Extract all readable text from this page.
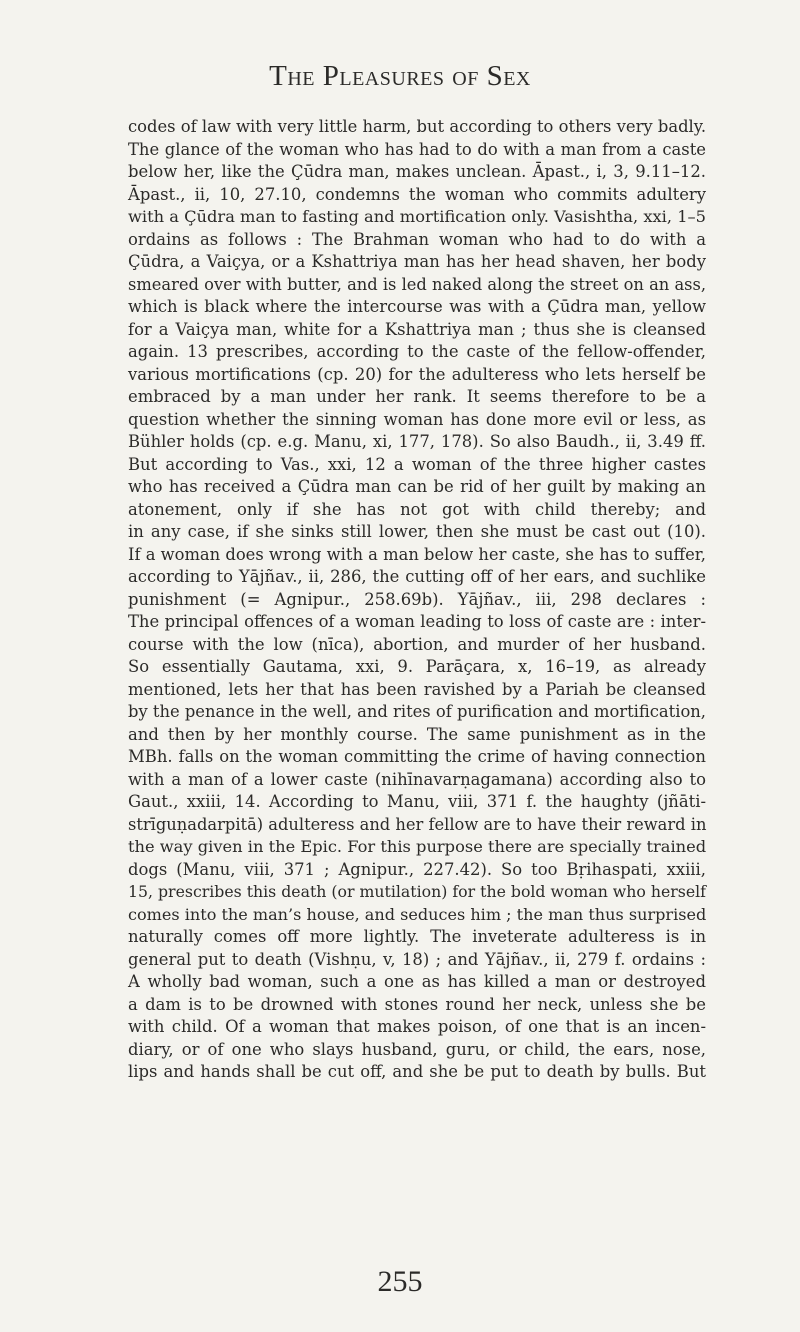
The Pleasures of Sex
codes of law with very little harm, but according to others very badly.
The glance of the woman who has had to do with a man from a caste
below her, like the Çūdra man, makes unclean. Āpast., i, 3, 9.11–12.
Āpast., ii, 10, 27.10, condemns the woman who commits adultery
with a Çūdra man to fasting and mortification only. Vasishtha, xxi, 1–5
ordains as follows : The Brahman woman who had to do with a
Çūdra, a Vaiçya, or a Kshattriya man has her head shaven, her body
smeared over with butter, and is led naked along the street on an ass,
which is black where the intercourse was with a Çūdra man, yellow
for a Vaiçya man, white for a Kshattriya man ; thus she is cleansed
again. 13 prescribes, according to the caste of the fellow-offender,
various mortifications (cp. 20) for the adulteress who lets herself be
embraced by a man under her rank. It seems therefore to be a
question whether the sinning woman has done more evil or less, as
Bühler holds (cp. e.g. Manu, xi, 177, 178). So also Baudh., ii, 3.49 ff.
But according to Vas., xxi, 12 a woman of the three higher castes
who has received a Çūdra man can be rid of her guilt by making an
atonement, only if she has not got with child thereby; and
in any case, if she sinks still lower, then she must be cast out (10).
If a woman does wrong with a man below her caste, she has to suffer,
according to Yājñav., ii, 286, the cutting off of her ears, and suchlike
punishment (= Agnipur., 258.69b). Yājñav., iii, 298 declares :
The principal offences of a woman leading to loss of caste are : inter-
course with the low (nīca), abortion, and murder of her husband.
So essentially Gautama, xxi, 9. Parāçara, x, 16–19, as already
mentioned, lets her that has been ravished by a Pariah be cleansed
by the penance in the well, and rites of purification and mortification,
and then by her monthly course. The same punishment as in the
MBh. falls on the woman committing the crime of having connection
with a man of a lower caste (nihīnavarṇagamana) according also to
Gaut., xxiii, 14. According to Manu, viii, 371 f. the haughty (jñāti-
strīguṇadarpitā) adulteress and her fellow are to have their reward in
the way given in the Epic. For this purpose there are specially trained
dogs (Manu, viii, 371 ; Agnipur., 227.42). So too Bṛihaspati, xxiii,
15, prescribes this death (or mutilation) for the bold woman who herself
comes into the man’s house, and seduces him ; the man thus surprised
naturally comes off more lightly. The inveterate adulteress is in
general put to death (Vishṇu, v, 18) ; and Yājñav., ii, 279 f. ordains :
A wholly bad woman, such a one as has killed a man or destroyed
a dam is to be drowned with stones round her neck, unless she be
with child. Of a woman that makes poison, of one that is an incen-
diary, or of one who slays husband, guru, or child, the ears, nose,
lips and hands shall be cut off, and she be put to death by bulls. But
255
